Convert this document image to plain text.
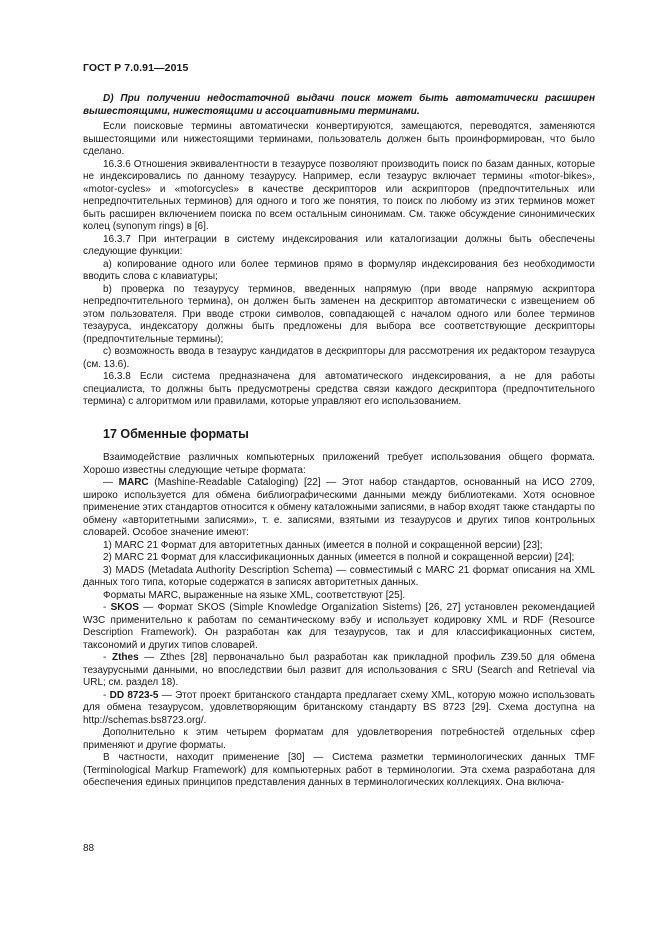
ГОСТ Р 7.0.91—2015

D) При получении недостаточной выдачи поиск может быть автоматически расширен вышестоящими, нижестоящими и ассоциативными терминами.

Если поисковые термины автоматически конвертируются, замещаются, переводятся, заменяются вышестоящими или нижестоящими терминами, пользователь должен быть проинформирован, что было сделано.

16.3.6 Отношения эквивалентности в тезаурусе позволяют производить поиск по базам данных, которые не индексировались по данному тезаурусу. Например, если тезаурус включает термины «motor-bikes», «motor-cycles» и «motorcycles» в качестве дескрипторов или аскрипторов (предпочтительных или непредпочтительных терминов) для одного и того же понятия, то поиск по любому из этих терминов может быть расширен включением поиска по всем остальным синонимам. См. также обсуждение синонимических колец (synonym rings) в [6].

16.3.7 При интеграции в систему индексирования или каталогизации должны быть обеспечены следующие функции:

a) копирование одного или более терминов прямо в формуляр индексирования без необходимости вводить слова с клавиатуры;

b) проверка по тезаурусу терминов, введенных напрямую (при вводе напрямую аскриптора непредпочтительного термина), он должен быть заменен на дескриптор автоматически с извещением об этом пользователя. При вводе строки символов, совпадающей с началом одного или более терминов тезауруса, индексатору должны быть предложены для выбора все соответствующие дескрипторы (предпочтительные термины);

c) возможность ввода в тезаурус кандидатов в дескрипторы для рассмотрения их редактором тезауруса (см. 13.6).

16.3.8 Если система предназначена для автоматического индексирования, а не для работы специалиста, то должны быть предусмотрены средства связи каждого дескриптора (предпочтительного термина) с алгоритмом или правилами, которые управляют его использованием.

17 Обменные форматы

Взаимодействие различных компьютерных приложений требует использования общего формата. Хорошо известны следующие четыре формата:

— MARC (Mashine-Readable Cataloging) [22] — Этот набор стандартов, основанный на ИСО 2709, широко используется для обмена библиографическими данными между библиотеками. Хотя основное применение этих стандартов относится к обмену каталожными записями, в набор входят также стандарты по обмену «авторитетными записями», т. е. записями, взятыми из тезаурусов и других типов контрольных словарей. Особое значение имеют:

1) MARC 21 Формат для авторитетных данных (имеется в полной и сокращенной версии) [23];

2) MARC 21 Формат для классификационных данных (имеется в полной и сокращенной версии) [24];

3) MADS (Metadata Authority Description Schema) — совместимый с MARC 21 формат описания на XML данных того типа, которые содержатся в записях авторитетных данных.

Форматы MARC, выраженные на языке XML, соответствуют [25].

- SKOS — Формат SKOS (Simple Knowledge Organization Sistems) [26, 27] установлен рекомендацией W3C применительно к работам по семантическому вэбу и использует кодировку XML и RDF (Resource Description Framework). Он разработан как для тезаурусов, так и для классификационных систем, таксономий и других типов словарей.

- Zthes — Zthes [28] первоначально был разработан как прикладной профиль Z39.50 для обмена тезаурусными данными, но впоследствии был развит для использования с SRU (Search and Retrieval via URL; см. раздел 18).

- DD 8723-5 — Этот проект британского стандарта предлагает схему XML, которую можно использовать для обмена тезаурусом, удовлетворяющим британскому стандарту BS 8723 [29]. Схема доступна на http://schemas.bs8723.org/.

Дополнительно к этим четырем форматам для удовлетворения потребностей отдельных сфер применяют и другие форматы.

В частности, находит применение [30] — Система разметки терминологических данных TMF (Terminological Markup Framework) для компьютерных работ в терминологии. Эта схема разработана для обеспечения единых принципов представления данных в терминологических коллекциях. Она включа-

88
